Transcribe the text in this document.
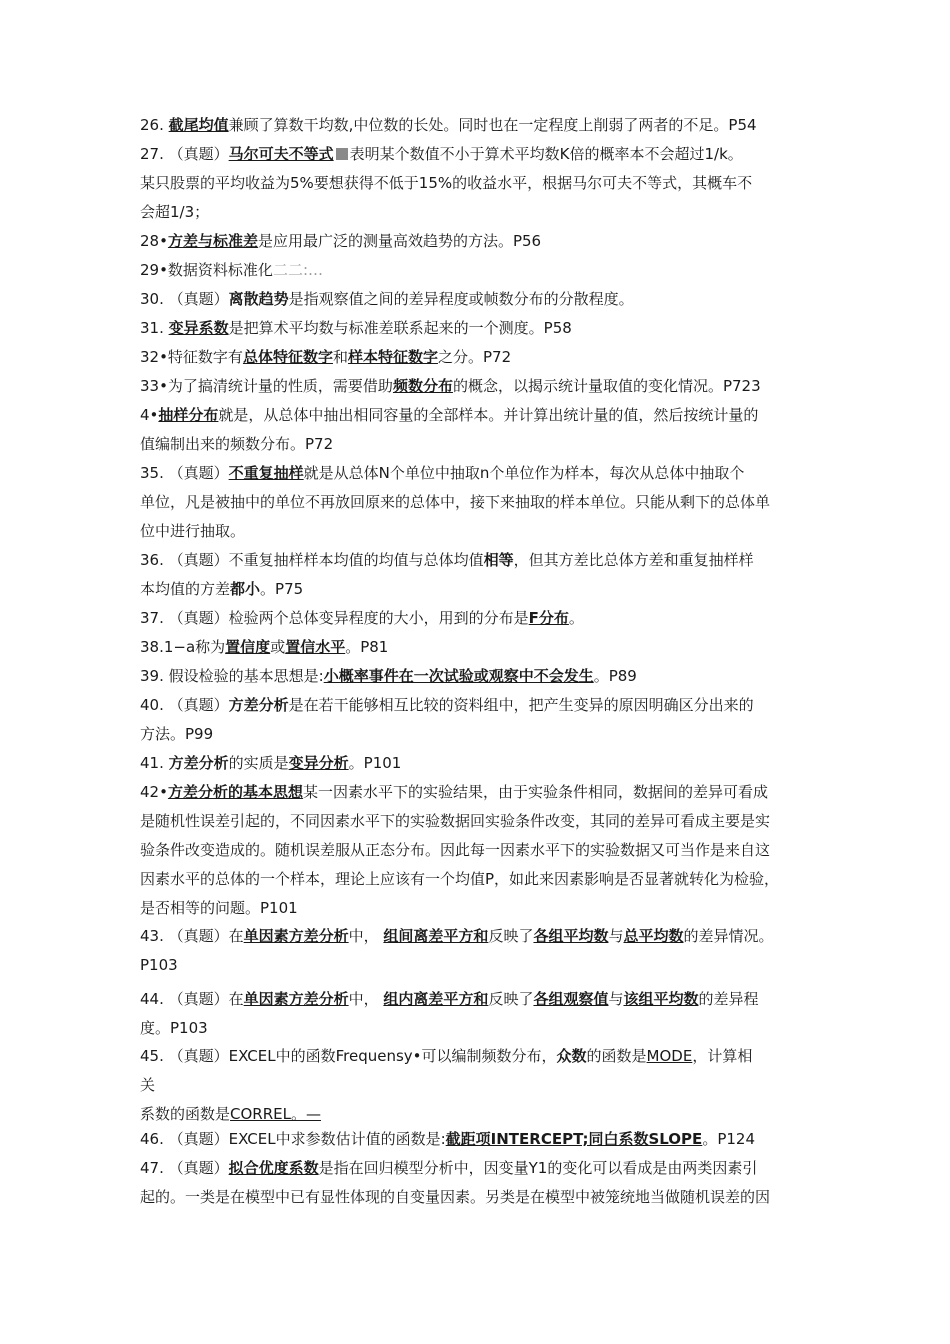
26. 截尾均值兼顾了算数干均数,中位数的长处。同时也在一定程度上削弱了两者的不足。P54
27. （真题）马尔可夫不等式 表明某个数值不小于算术平均数K倍的概率本不会超过1/k。
某只股票的平均收益为5%要想获得不低于15%的收益水平，根据马尔可夫不等式，其概车不
会超1/3；
28•方差与标准差是应用最广泛的测量高效趋势的方法。P56
29•数据资料标准化二二:…
30. （真题）离散趋势是指观察值之间的差异程度或帧数分布的分散程度。
31. 变异系数是把算术平均数与标准差联系起来的一个测度。P58
32•特征数字有总体特征数字和样本特征数字之分。P72
33•为了搞清统计量的性质，需要借助频数分布的概念，以揭示统计量取值的变化情况。P723
4•抽样分布就是，从总体中抽出相同容量的全部样本。并计算出统计量的值，然后按统计量的
值编制出来的频数分布。P72
35. （真题）不重复抽样就是从总体N个单位中抽取n个单位作为样本，每次从总体中抽取个
单位，凡是被抽中的单位不再放回原来的总体中，接下来抽取的样本单位。只能从剩下的总体单
位中进行抽取。
36. （真题）不重复抽样样本均值的均值与总体均值相等，但其方差比总体方差和重复抽样样
本均值的方差都小。P75
37. （真题）检验两个总体变异程度的大小，用到的分布是F分布。
38.1−a称为置信度或置信水平。P81
39. 假设检验的基本思想是:小概率事件在一次试验或观察中不会发生。P89
40. （真题）方差分析是在若干能够相互比较的资料组中，把产生变异的原因明确区分出来的
方法。P99
41. 方差分析的实质是变异分析。P101
42•方差分析的基本思想某一因素水平下的实验结果，由于实验条件相同，数据间的差异可看成
是随机性误差引起的，不同因素水平下的实验数据回实验条件改变，其同的差异可看成主要是实
验条件改变造成的。随机误差服从正态分布。因此每一因素水平下的实验数据又可当作是来自这
因素水平的总体的一个样本，理论上应该有一个均值P，如此来因素影响是否显著就转化为检验，
是否相等的问题。P101
43. （真题）在单因素方差分析中， 组间离差平方和反映了各组平均数与总平均数的差异情况。
P103
44. （真题）在单因素方差分析中， 组内离差平方和反映了各组观察值与该组平均数的差异程
度。P103
45. （真题）EXCEL中的函数Frequensy•可以编制频数分布，众数的函数是MODE，计算相
关
系数的函数是CORREL。—
46. （真题）EXCEL中求参数估计值的函数是:截距项INTERCEPT;同白系数SLOPE。P124
47. （真题）拟合优度系数是指在回归模型分析中，因变量Y1的变化可以看成是由两类因素引
起的。一类是在模型中已有显性体现的自变量因素。另类是在模型中被笼统地当做随机误差的因
